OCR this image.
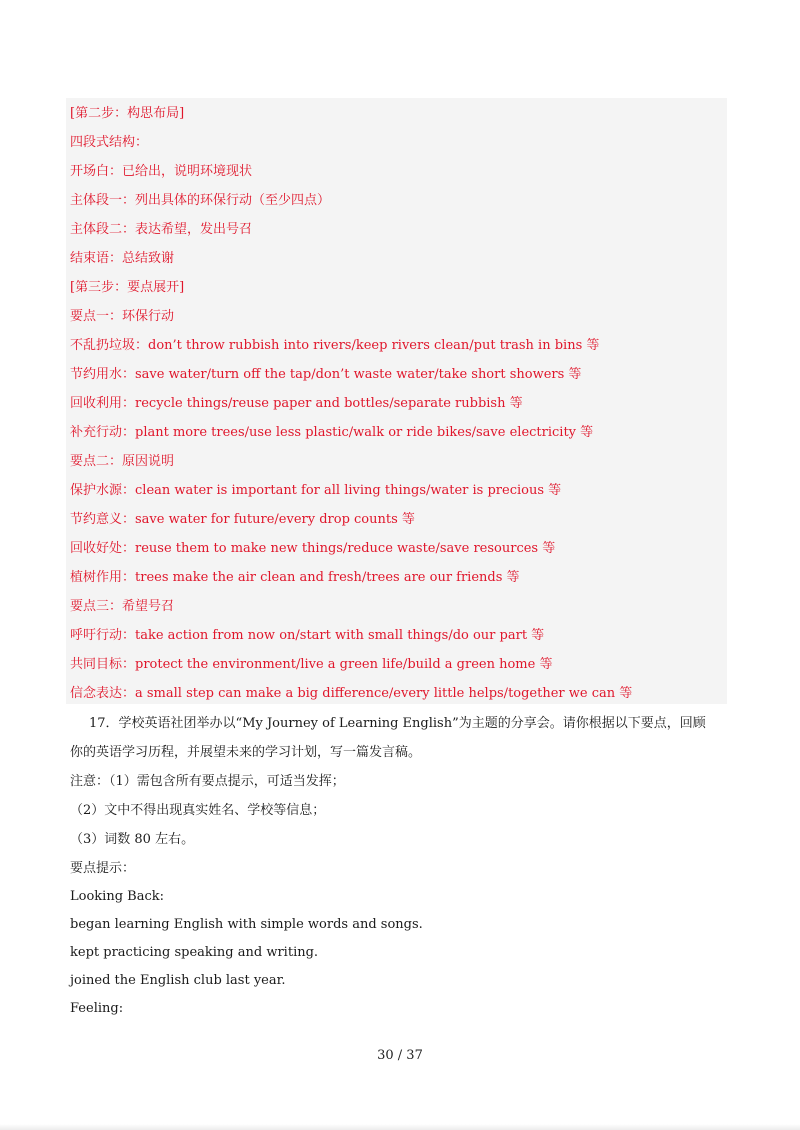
[第二步：构思布局]
四段式结构：
开场白：已给出，说明环境现状
主体段一：列出具体的环保行动（至少四点）
主体段二：表达希望，发出号召
结束语：总结致谢
[第三步：要点展开]
要点一：环保行动
不乱扔垃圾：don’t throw rubbish into rivers/keep rivers clean/put trash in bins 等
节约用水：save water/turn off the tap/don’t waste water/take short showers 等
回收利用：recycle things/reuse paper and bottles/separate rubbish 等
补充行动：plant more trees/use less plastic/walk or ride bikes/save electricity 等
要点二：原因说明
保护水源：clean water is important for all living things/water is precious 等
节约意义：save water for future/every drop counts 等
回收好处：reuse them to make new things/reduce waste/save resources 等
植树作用：trees make the air clean and fresh/trees are our friends 等
要点三：希望号召
呼吁行动：take action from now on/start with small things/do our part 等
共同目标：protect the environment/live a green life/build a green home 等
信念表达：a small step can make a big difference/every little helps/together we can 等
17．学校英语社团举办以“My Journey of Learning English”为主题的分享会。请你根据以下要点，回顾
你的英语学习历程，并展望未来的学习计划，写一篇发言稿。
注意：（1）需包含所有要点提示，可适当发挥；
（2）文中不得出现真实姓名、学校等信息；
（3）词数 80 左右。
要点提示：
Looking Back:
began learning English with simple words and songs.
kept practicing speaking and writing.
joined the English club last year.
Feeling:
30 / 37
